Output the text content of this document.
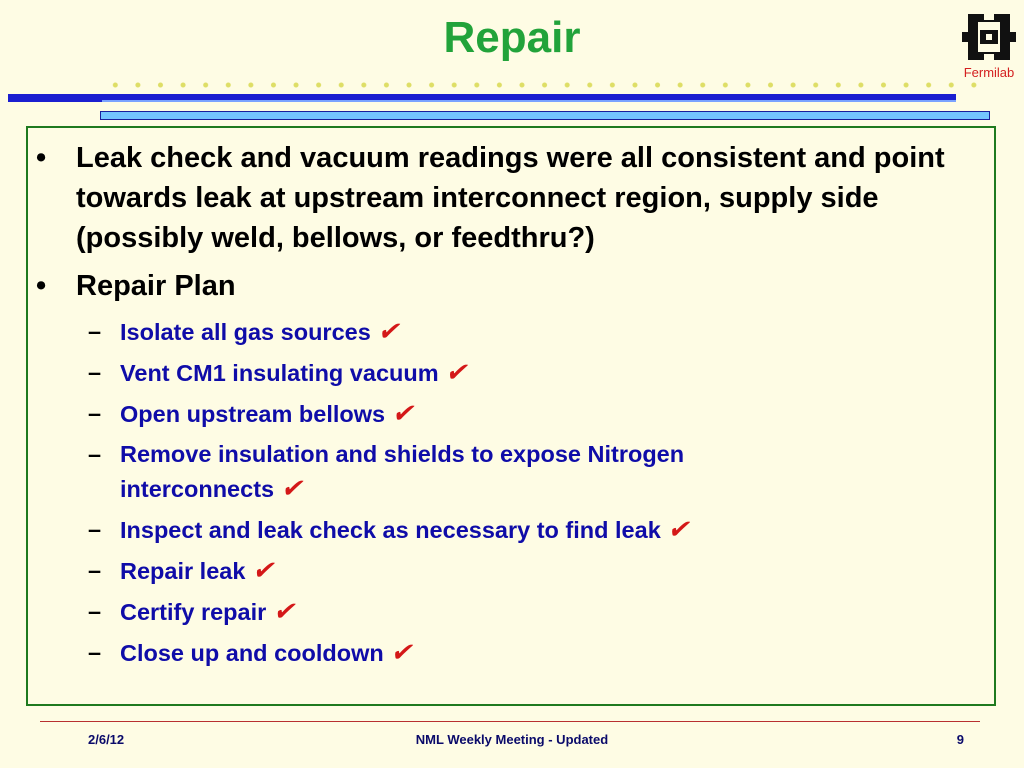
Repair
Fermilab
•	Leak check and vacuum readings were all consistent and point towards leak at upstream interconnect region, supply side (possibly weld, bellows, or feedthru?)
•	Repair Plan
– Isolate all gas sources ✔
– Vent CM1 insulating vacuum ✔
– Open upstream bellows ✔
– Remove insulation and shields to expose Nitrogen interconnects ✔
– Inspect and leak check as necessary to find leak ✔
– Repair leak ✔
– Certify repair ✔
– Close up and cooldown ✔
2/6/12	NML Weekly Meeting - Updated	9
